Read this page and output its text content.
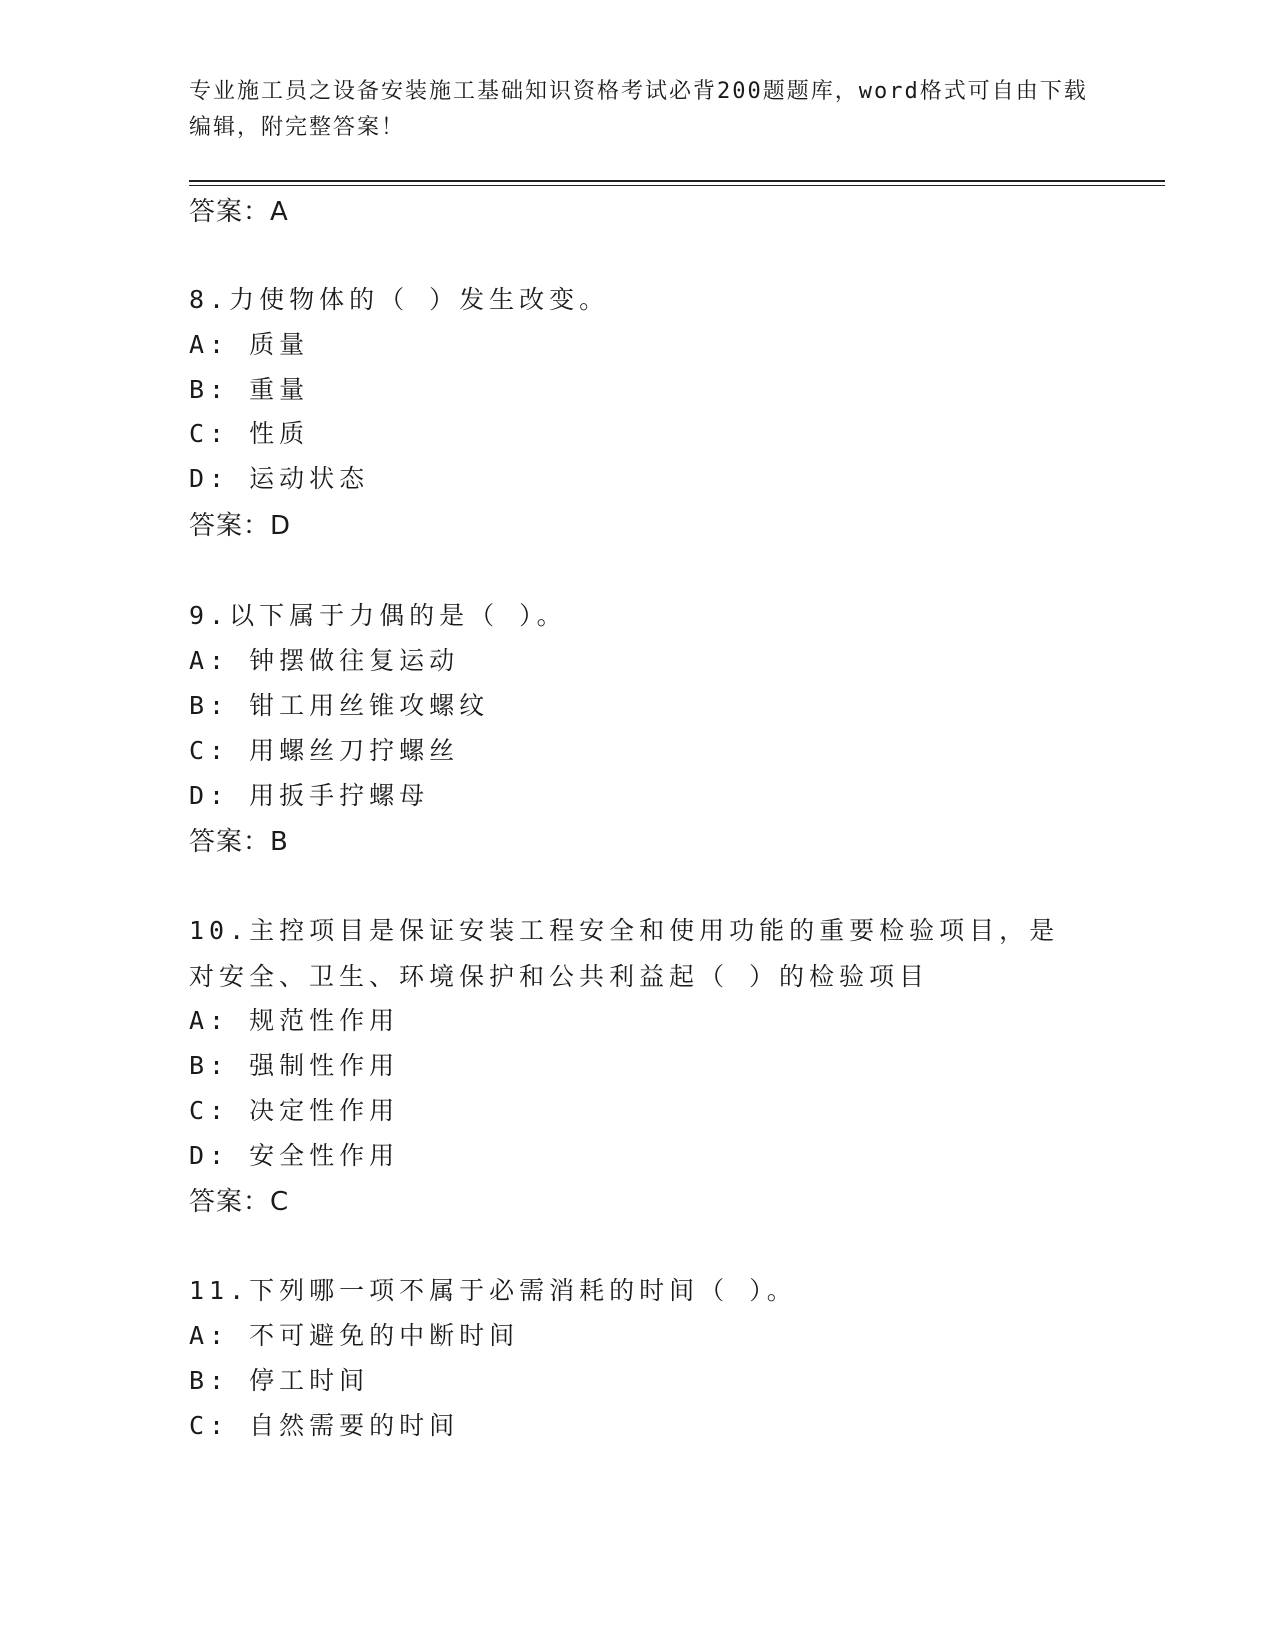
专业施工员之设备安装施工基础知识资格考试必背200题题库，word格式可自由下载编辑，附完整答案！
答案：A
8.力使物体的（ ）发生改变。
A: 质量
B: 重量
C: 性质
D: 运动状态
答案：D
9.以下属于力偶的是（ ）。
A: 钟摆做往复运动
B: 钳工用丝锥攻螺纹
C: 用螺丝刀拧螺丝
D: 用扳手拧螺母
答案：B
10.主控项目是保证安装工程安全和使用功能的重要检验项目，是对安全、卫生、环境保护和公共利益起（ ）的检验项目
A: 规范性作用
B: 强制性作用
C: 决定性作用
D: 安全性作用
答案：C
11.下列哪一项不属于必需消耗的时间（ ）。
A: 不可避免的中断时间
B: 停工时间
C: 自然需要的时间
